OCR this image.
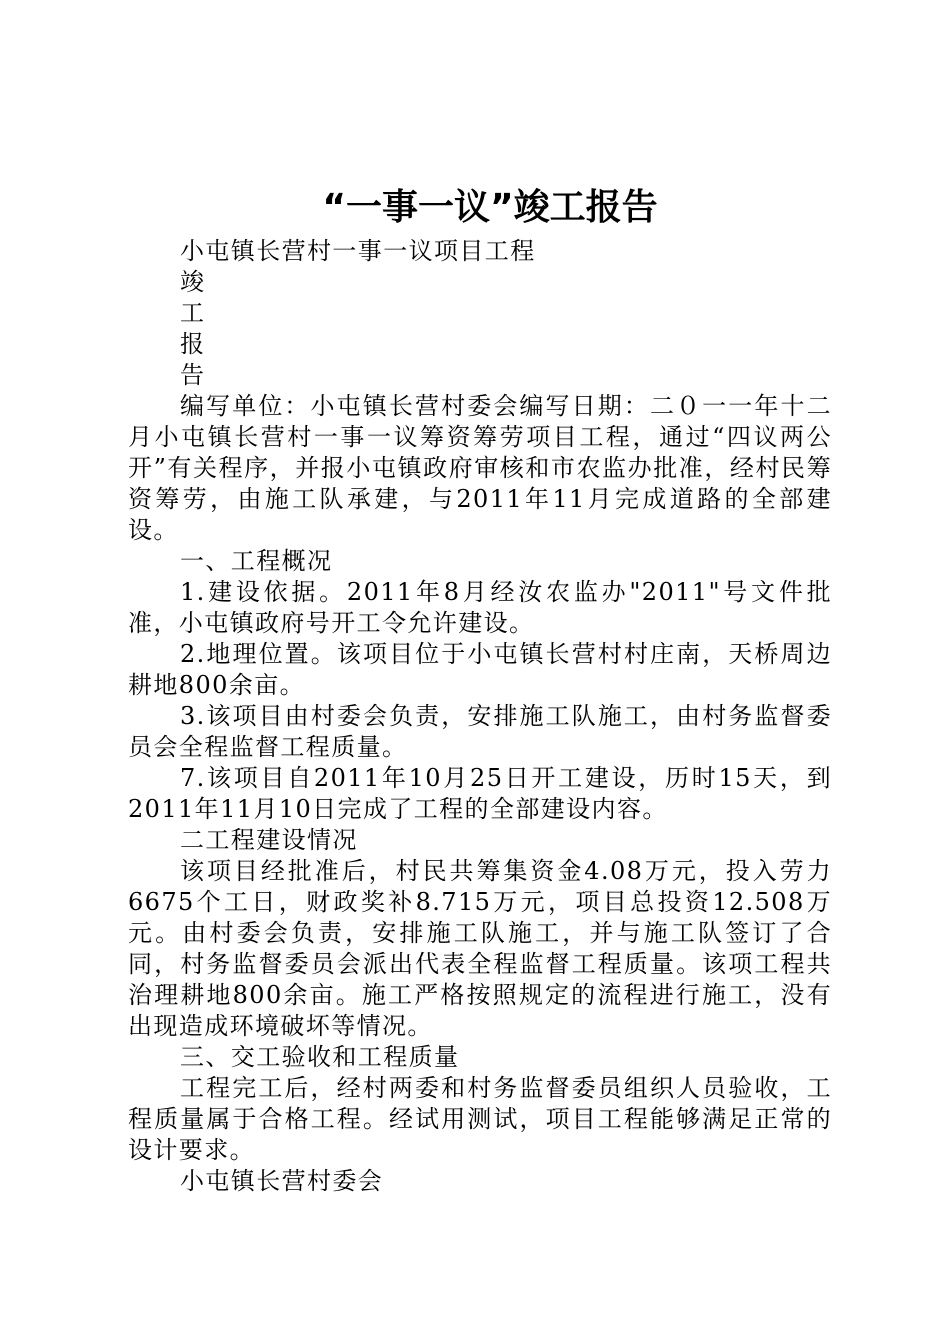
“一事一议”竣工报告

小屯镇长营村一事一议项目工程

竣

工

报

告

编写单位：小屯镇长营村委会编写日期：二０一一年十二月小屯镇长营村一事一议筹资筹劳项目工程，通过“四议两公开”有关程序，并报小屯镇政府审核和市农监办批准，经村民筹资筹劳，由施工队承建，与2011年11月完成道路的全部建设。

一、工程概况

1.建设依据。2011年8月经汝农监办"2011"号文件批准，小屯镇政府号开工令允许建设。

2.地理位置。该项目位于小屯镇长营村村庄南，天桥周边耕地800余亩。

3.该项目由村委会负责，安排施工队施工，由村务监督委员会全程监督工程质量。

7.该项目自2011年10月25日开工建设，历时15天，到2011年11月10日完成了工程的全部建设内容。

二工程建设情况

该项目经批准后，村民共筹集资金4.08万元，投入劳力6675个工日，财政奖补8.715万元，项目总投资12.508万元。由村委会负责，安排施工队施工，并与施工队签订了合同，村务监督委员会派出代表全程监督工程质量。该项工程共治理耕地800余亩。施工严格按照规定的流程进行施工，没有出现造成环境破坏等情况。

三、交工验收和工程质量

工程完工后，经村两委和村务监督委员组织人员验收，工程质量属于合格工程。经试用测试，项目工程能够满足正常的设计要求。

小屯镇长营村委会
